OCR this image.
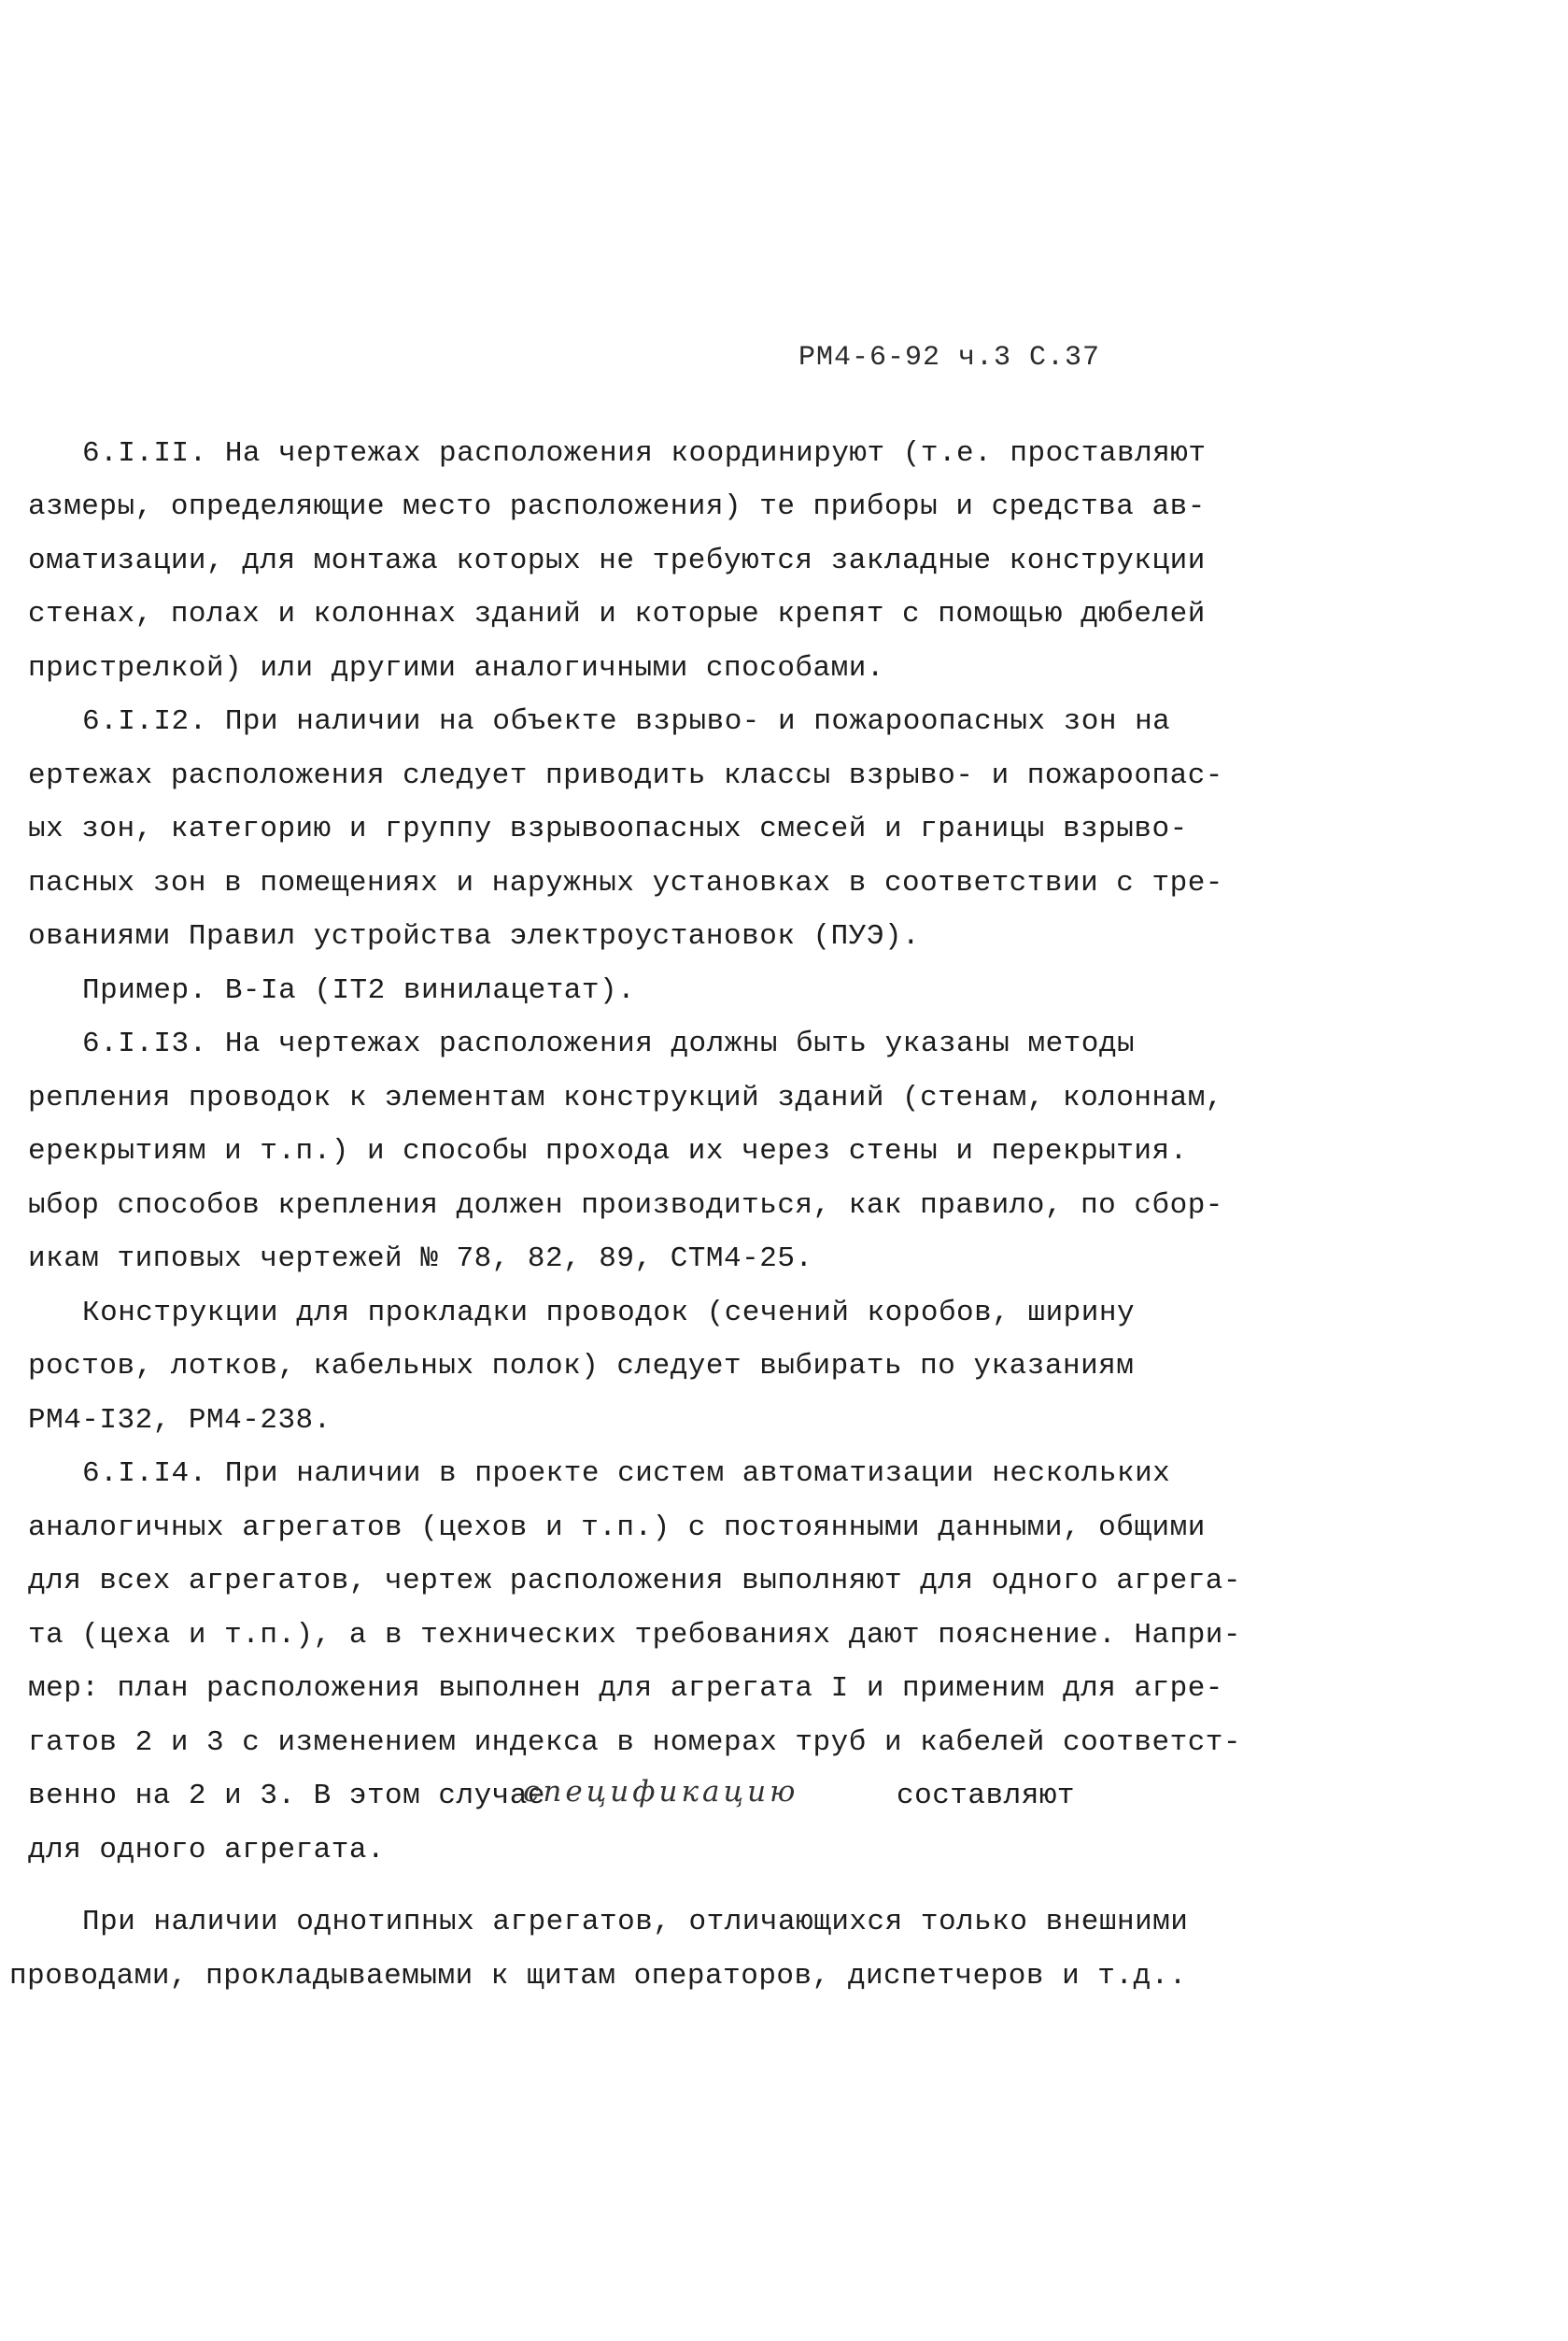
РМ4-6-92 ч.3 С.37
6.I.II. На чертежах расположения координируют (т.е. проставляют
азмеры, определяющие место расположения) те приборы и средства ав-
оматизации, для монтажа которых не требуются закладные конструкции
стенах, полах и колоннах зданий и которые крепят с помощью дюбелей
пристрелкой) или другими аналогичными способами.
6.I.I2. При наличии на объекте взрыво- и пожароопасных зон на
ертежах расположения следует приводить классы взрыво- и пожароопас-
ых зон, категорию и группу взрывоопасных смесей и границы взрыво-
пасных зон в помещениях и наружных установках в соответствии с тре-
ованиями Правил устройства электроустановок (ПУЭ).
Пример. В-Iа (IТ2 винилацетат).
6.I.I3. На чертежах расположения должны быть указаны методы
репления проводок к элементам конструкций зданий (стенам, колоннам,
ерекрытиям и т.п.) и способы прохода их через стены и перекрытия.
ыбор способов крепления должен производиться, как правило, по сбор-
икам типовых чертежей № 78, 82, 89, СТМ4-25.
Конструкции для прокладки проводок (сечений коробов, ширину
ростов, лотков, кабельных полок) следует выбирать по указаниям
РМ4-I32, РМ4-238.
6.I.I4. При наличии в проекте систем автоматизации нескольких
аналогичных агрегатов (цехов и т.п.) с постоянными данными, общими
для всех агрегатов, чертеж расположения выполняют для одного агрега-
та (цеха и т.п.), а в технических требованиях дают пояснение. Напри-
мер: план расположения выполнен для агрегата I и применим для агре-
гатов 2 и 3 с изменением индекса в номерах труб и кабелей соответст-
венно на 2 и 3. В этом случае
спецификацию	составляют
для одного агрегата.
При наличии однотипных агрегатов, отличающихся только внешними
проводами, прокладываемыми к щитам операторов, диспетчеров и т.д..
